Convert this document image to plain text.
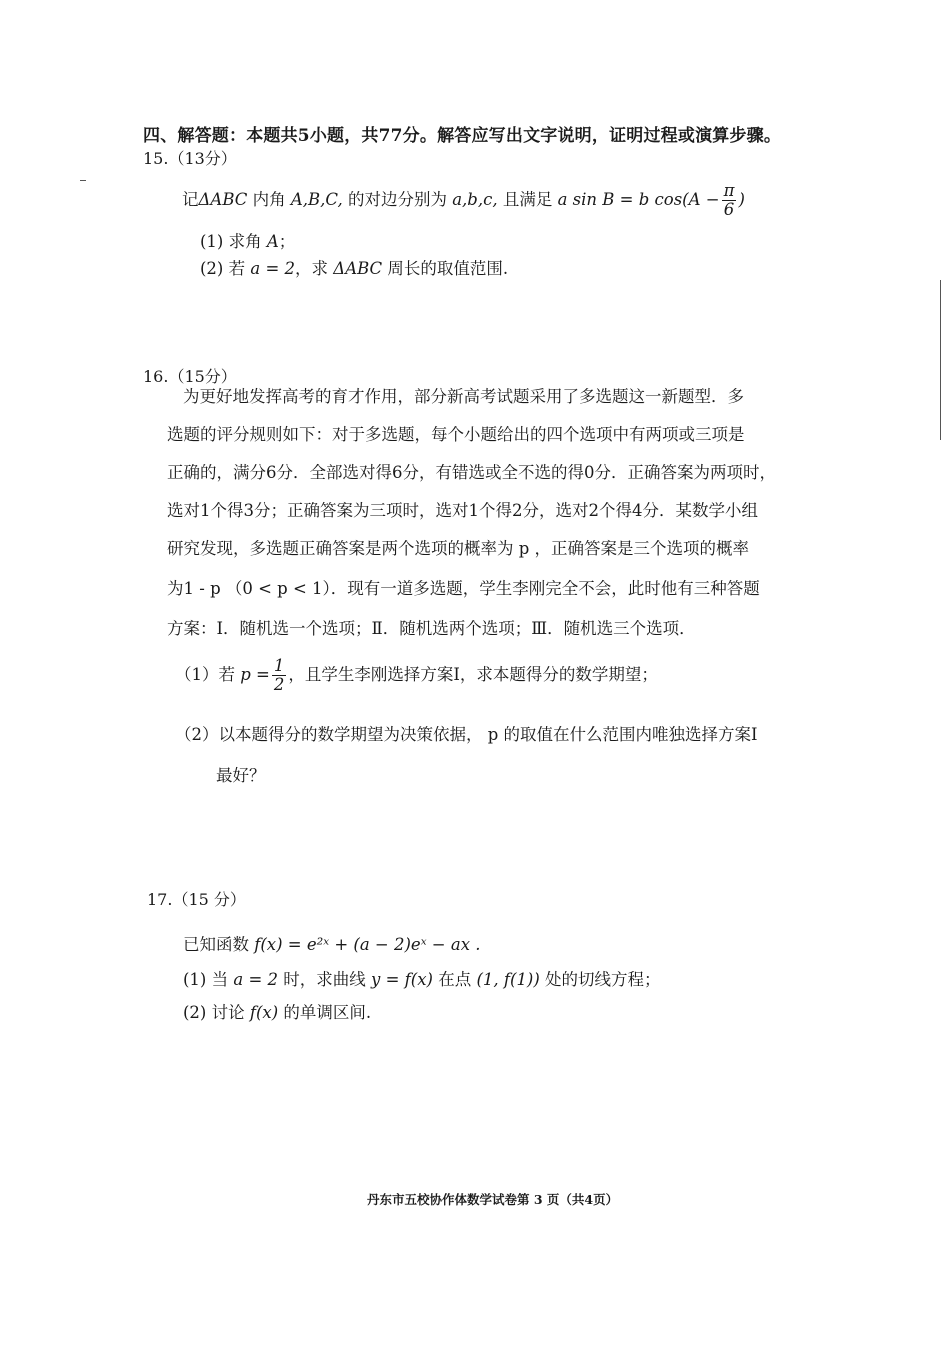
四、解答题：本题共5小题，共77分。解答应写出文字说明，证明过程或演算步骤。
15.（13分）
记ΔABC 内角 A,B,C, 的对边分别为 a,b,c, 且满足 a sin B = b $\cos(A - \frac{\pi}{6}$ )
(1) 求角 A；
(2) 若 a = 2，求 ΔABC 周长的取值范围.
16.（15分）
为更好地发挥高考的育才作用，部分新高考试题采用了多选题这一新题型．多
选题的评分规则如下：对于多选题，每个小题给出的四个选项中有两项或三项是
正确的，满分6分．全部选对得6分，有错选或全不选的得0分．正确答案为两项时，
选对1个得3分；正确答案为三项时，选对1个得2分，选对2个得4分．某数学小组
研究发现，多选题正确答案是两个选项的概率为 p ，正确答案是三个选项的概率
为1 - p （0 < p < 1）．现有一道多选题，学生李刚完全不会，此时他有三种答题
方案：Ⅰ．随机选一个选项；Ⅱ．随机选两个选项；Ⅲ．随机选三个选项．
（1）若 $p = \frac{1}{2}$ ，且学生李刚选择方案Ⅰ，求本题得分的数学期望；
（2）以本题得分的数学期望为决策依据， p 的取值在什么范围内唯独选择方案Ⅰ
最好？
17.（15 分）
已知函数 f(x) = e²ˣ + (a − 2)eˣ − ax .
(1) 当 a = 2 时，求曲线 y = f(x) 在点 (1, f(1)) 处的切线方程；
(2) 讨论 f(x) 的单调区间.
丹东市五校协作体数学试卷第 3 页（共4页）
